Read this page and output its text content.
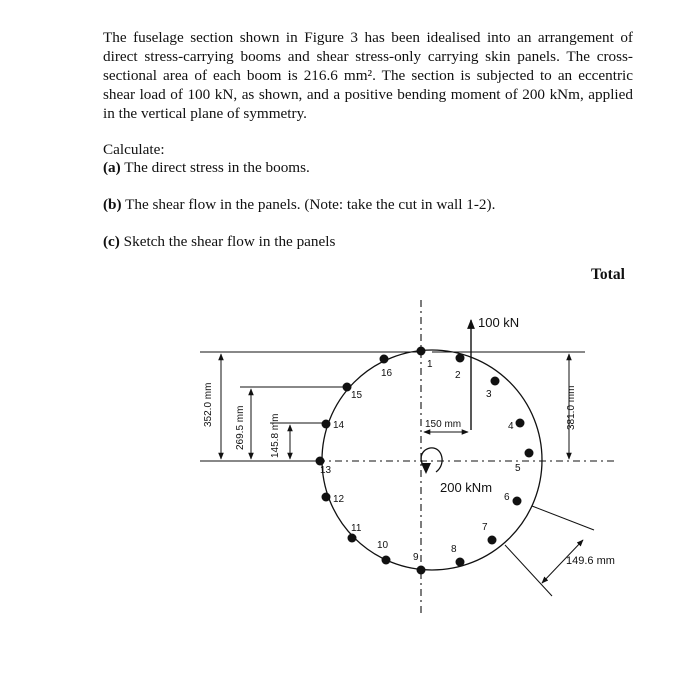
The fuselage section shown in Figure 3 has been idealised into an arrangement of direct stress-carrying booms and shear stress-only carrying skin panels. The cross-sectional area of each boom is 216.6 mm². The section is subjected to an eccentric shear load of 100 kN, as shown, and a positive bending moment of 200 kNm, applied in the vertical plane of symmetry.
Calculate:
(a) The direct stress in the booms.
(b) The shear flow in the panels. (Note: take the cut in wall 1-2).
(c) Sketch the shear flow in the panels
Total
1
2
3
4
5
6
7
8
9
10
11
12
13
14
15
16
100 kN
150 mm
200 kNm
381.0 mm
352.0 mm
269.5 mm 145.8 mm
149.6 mm
